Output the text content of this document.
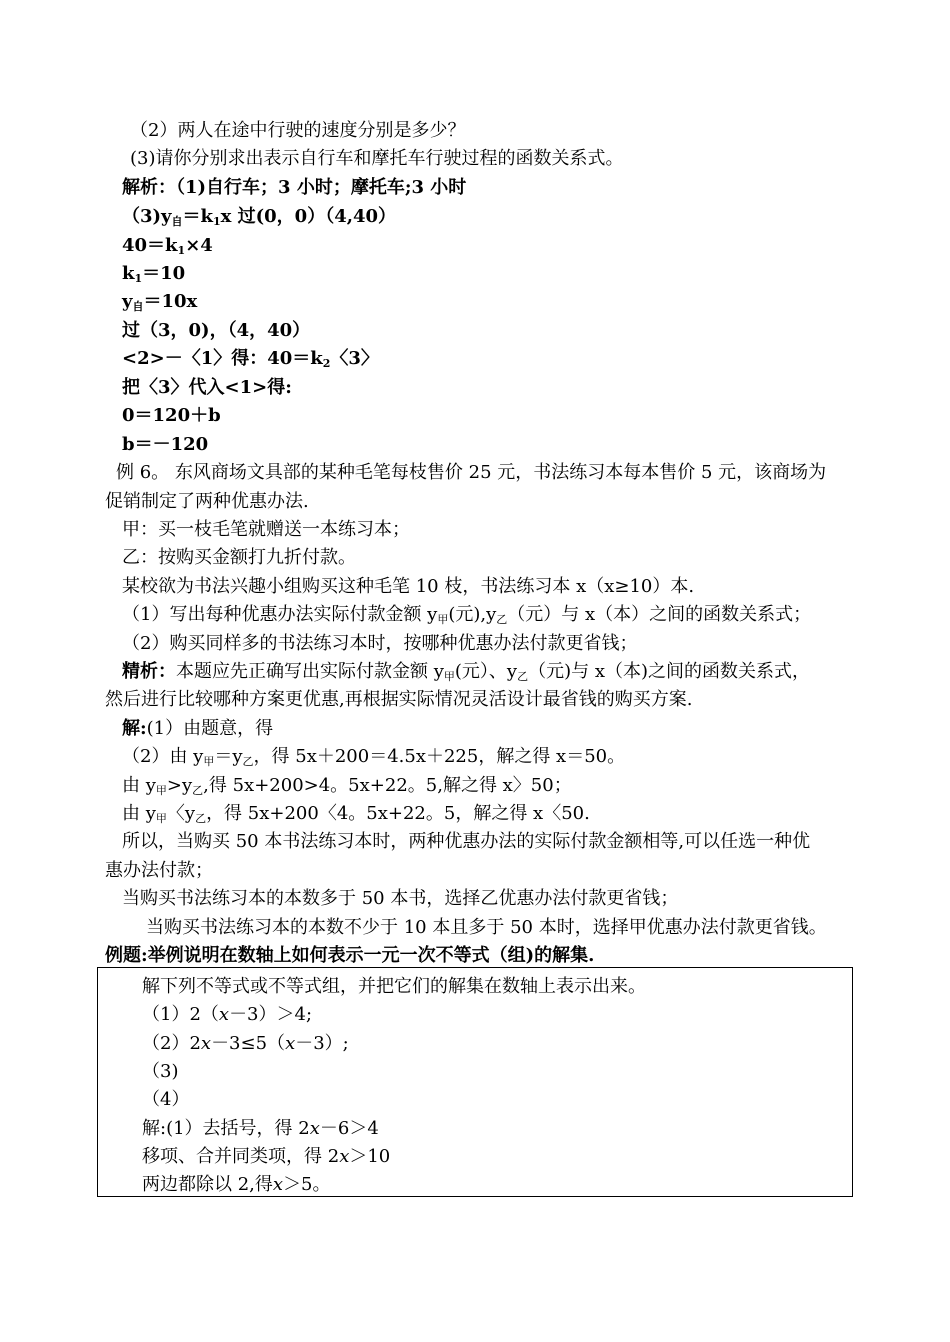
（2）两人在途中行驶的速度分别是多少？
(3)请你分别求出表示自行车和摩托车行驶过程的函数关系式。
解析：（1)自行车；3 小时；摩托车;3 小时
（3)y自＝k1x 过(0，0）（4,40）
40＝k1×4
k1＝10
y自＝10x
过（3，0)，（4，40）
<2>－〈1〉得：40＝k2〈3〉
把〈3〉代入<1>得:
0＝120＋b
b＝－120
例 6。 东风商场文具部的某种毛笔每枝售价 25 元，书法练习本每本售价 5 元，该商场为
促销制定了两种优惠办法.
甲：买一枝毛笔就赠送一本练习本；
乙：按购买金额打九折付款。
某校欲为书法兴趣小组购买这种毛笔 10 枝，书法练习本 x（x≥10）本.
（1）写出每种优惠办法实际付款金额 y甲(元),y乙（元）与 x（本）之间的函数关系式；
（2）购买同样多的书法练习本时，按哪种优惠办法付款更省钱；
精析：本题应先正确写出实际付款金额 y甲(元）、y乙（元)与 x（本)之间的函数关系式，
然后进行比较哪种方案更优惠,再根据实际情况灵活设计最省钱的购买方案.
解:(1）由题意，得
（2）由 y甲＝y乙，得 5x＋200＝4.5x＋225，解之得 x＝50。
由 y甲>y乙,得 5x+200>4。5x+22。5,解之得 x〉50；
由 y甲〈y乙，得 5x+200〈4。5x+22。5，解之得 x〈50.
所以，当购买 50 本书法练习本时，两种优惠办法的实际付款金额相等,可以任选一种优
惠办法付款；
当购买书法练习本的本数多于 50 本书，选择乙优惠办法付款更省钱；
当购买书法练习本的本数不少于 10 本且多于 50 本时，选择甲优惠办法付款更省钱。
例题:举例说明在数轴上如何表示一元一次不等式（组)的解集.
解下列不等式或不等式组，并把它们的解集在数轴上表示出来。
（1）2（x－3）＞4;
（2）2x－3≤5（x－3）;
（3)
（4）
解:(1）去括号，得 2x－6＞4
移项、合并同类项，得 2x＞10
两边都除以 2,得x＞5。
